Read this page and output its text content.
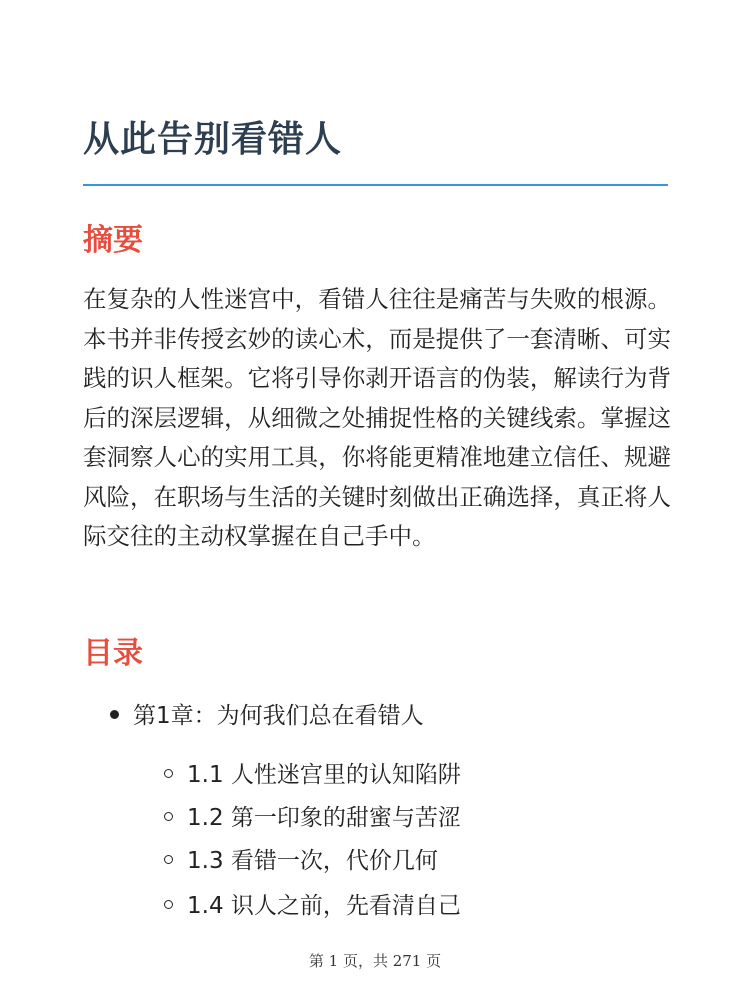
从此告别看错人
摘要

在复杂的人性迷宫中，看错人往往是痛苦与失败的根源。本书并非传授玄妙的读心术，而是提供了一套清晰、可实践的识人框架。它将引导你剥开语言的伪装，解读行为背后的深层逻辑，从细微之处捕捉性格的关键线索。掌握这套洞察人心的实用工具，你将能更精准地建立信任、规避风险，在职场与生活的关键时刻做出正确选择，真正将人际交往的主动权掌握在自己手中。

目录
第1章：为何我们总在看错人
1.1 人性迷宫里的认知陷阱
1.2 第一印象的甜蜜与苦涩
1.3 看错一次，代价几何
1.4 识人之前，先看清自己
第 1 页，共 271 页
